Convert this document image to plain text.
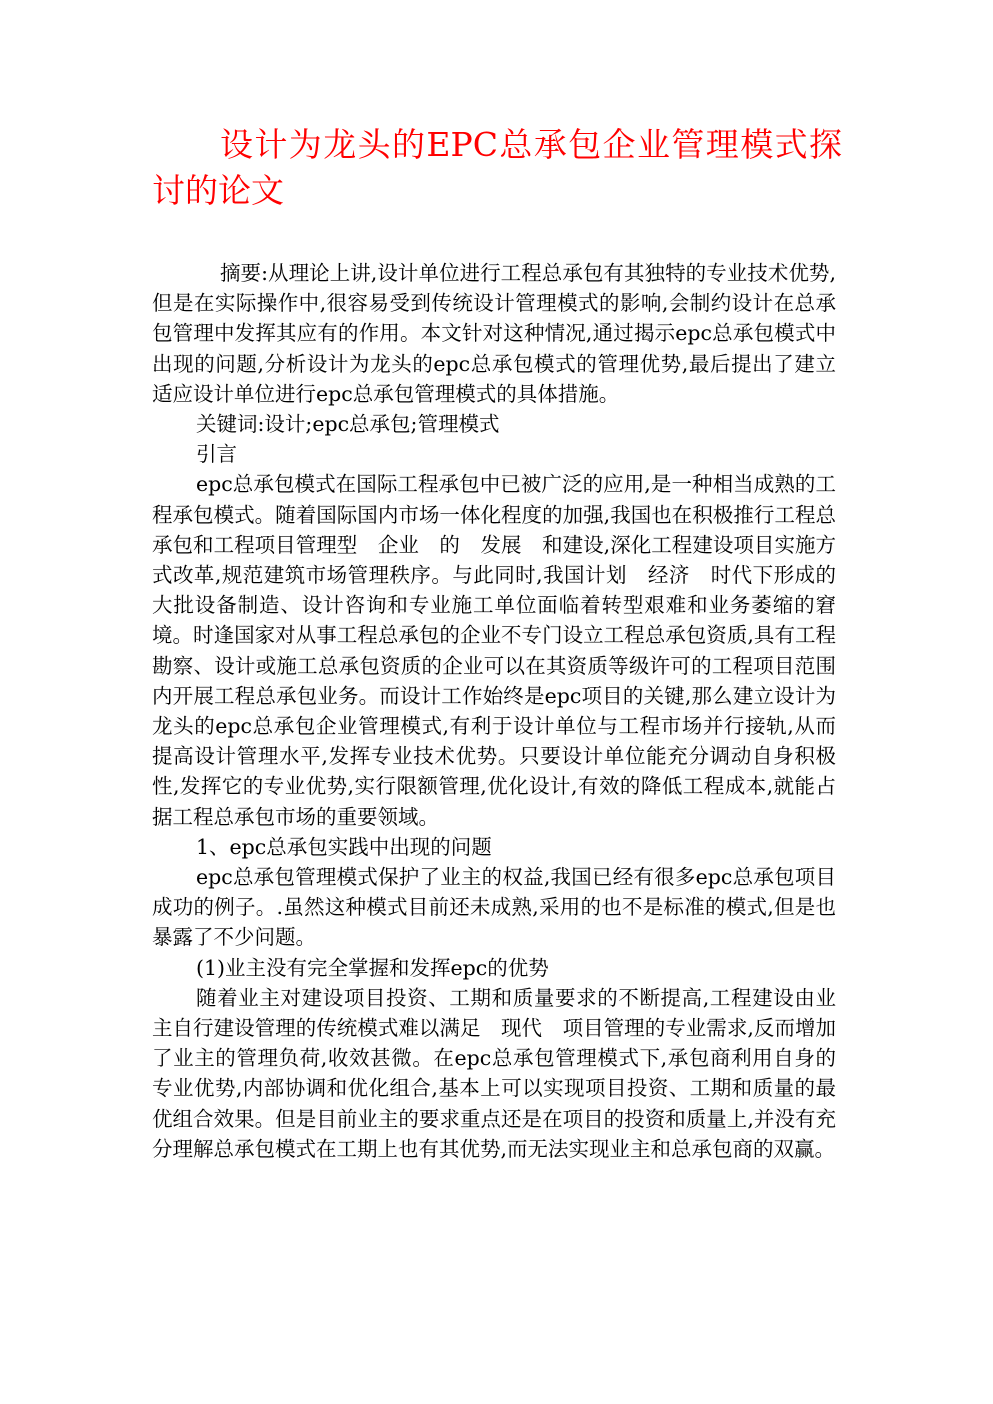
设计为龙头的EPC总承包企业管理模式探讨的论文

摘要:从理论上讲,设计单位进行工程总承包有其独特的专业技术优势,但是在实际操作中,很容易受到传统设计管理模式的影响,会制约设计在总承包管理中发挥其应有的作用。本文针对这种情况,通过揭示epc总承包模式中出现的问题,分析设计为龙头的epc总承包模式的管理优势,最后提出了建立适应设计单位进行epc总承包管理模式的具体措施。

关键词:设计;epc总承包;管理模式

引言

epc总承包模式在国际工程承包中已被广泛的应用,是一种相当成熟的工程承包模式。随着国际国内市场一体化程度的加强,我国也在积极推行工程总承包和工程项目管理型　企业　的　发展　和建设,深化工程建设项目实施方式改革,规范建筑市场管理秩序。与此同时,我国计划　经济　时代下形成的大批设备制造、设计咨询和专业施工单位面临着转型艰难和业务萎缩的窘境。时逢国家对从事工程总承包的企业不专门设立工程总承包资质,具有工程勘察、设计或施工总承包资质的企业可以在其资质等级许可的工程项目范围内开展工程总承包业务。而设计工作始终是epc项目的关键,那么建立设计为龙头的epc总承包企业管理模式,有利于设计单位与工程市场并行接轨,从而提高设计管理水平,发挥专业技术优势。只要设计单位能充分调动自身积极性,发挥它的专业优势,实行限额管理,优化设计,有效的降低工程成本,就能占据工程总承包市场的重要领域。

1、epc总承包实践中出现的问题

epc总承包管理模式保护了业主的权益,我国已经有很多epc总承包项目成功的例子。.虽然这种模式目前还未成熟,采用的也不是标准的模式,但是也暴露了不少问题。

(1)业主没有完全掌握和发挥epc的优势

随着业主对建设项目投资、工期和质量要求的不断提高,工程建设由业主自行建设管理的传统模式难以满足　现代　项目管理的专业需求,反而增加了业主的管理负荷,收效甚微。在epc总承包管理模式下,承包商利用自身的专业优势,内部协调和优化组合,基本上可以实现项目投资、工期和质量的最优组合效果。但是目前业主的要求重点还是在项目的投资和质量上,并没有充分理解总承包模式在工期上也有其优势,而无法实现业主和总承包商的双赢。
